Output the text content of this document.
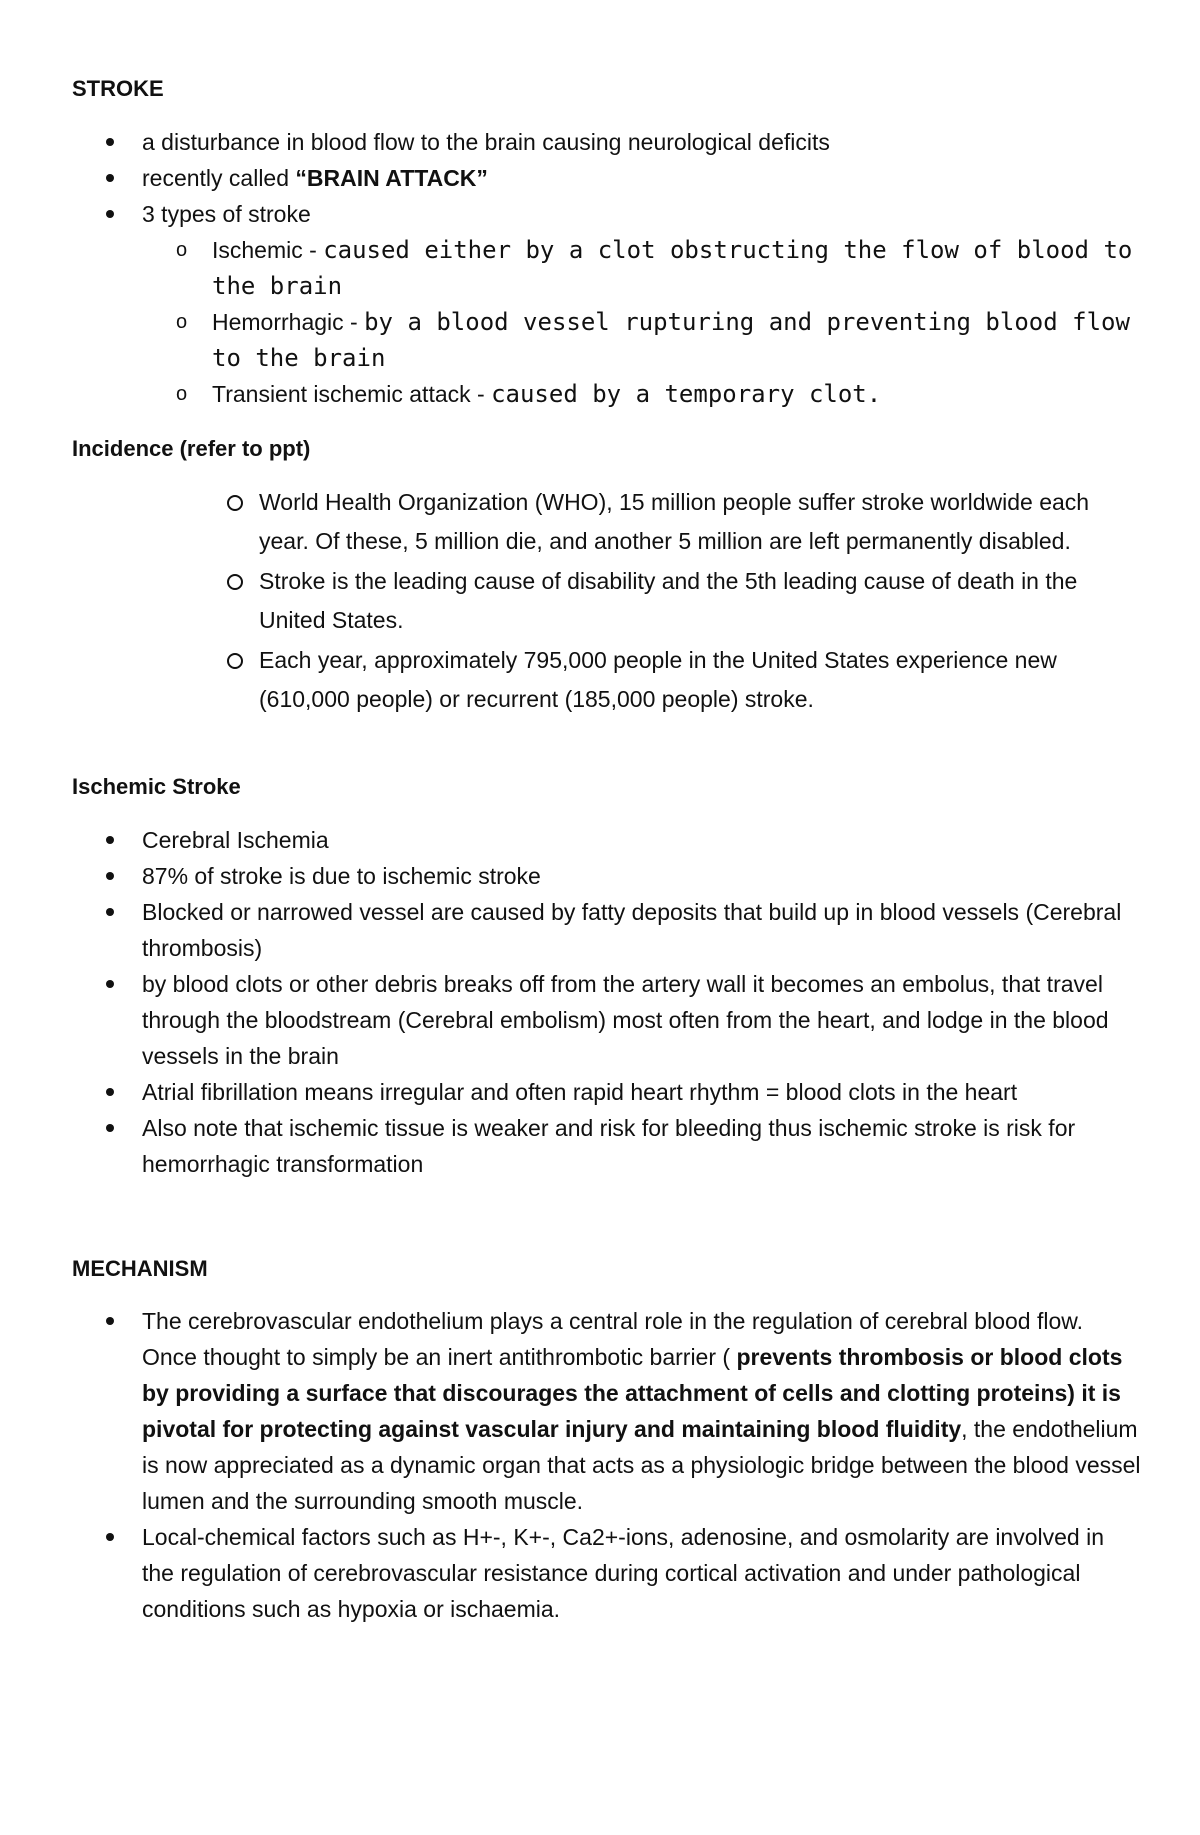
STROKE
a disturbance in blood flow to the brain causing neurological deficits
recently called “BRAIN ATTACK”
3 types of stroke
o Ischemic - caused either by a clot obstructing the flow of blood to the brain
o Hemorrhagic - by a blood vessel rupturing and preventing blood flow to the brain
o Transient ischemic attack - caused by a temporary clot.
Incidence (refer to ppt)
World Health Organization (WHO), 15 million people suffer stroke worldwide each year. Of these, 5 million die, and another 5 million are left permanently disabled.
Stroke is the leading cause of disability and the 5th leading cause of death in the United States.
Each year, approximately 795,000 people in the United States experience new (610,000 people) or recurrent (185,000 people) stroke.
Ischemic Stroke
Cerebral Ischemia
87% of stroke is due to ischemic stroke
Blocked or narrowed vessel are caused by fatty deposits that build up in blood vessels (Cerebral thrombosis)
by blood clots or other debris breaks off from the artery wall it becomes an embolus, that travel through the bloodstream (Cerebral embolism) most often from the heart, and lodge in the blood vessels in the brain
Atrial fibrillation means irregular and often rapid heart rhythm = blood clots in the heart
Also note that ischemic tissue is weaker and risk for bleeding thus ischemic stroke is risk for hemorrhagic transformation
MECHANISM
The cerebrovascular endothelium plays a central role in the regulation of cerebral blood flow. Once thought to simply be an inert antithrombotic barrier ( prevents thrombosis or blood clots by providing a surface that discourages the attachment of cells and clotting proteins) it is pivotal for protecting against vascular injury and maintaining blood fluidity, the endothelium is now appreciated as a dynamic organ that acts as a physiologic bridge between the blood vessel lumen and the surrounding smooth muscle.
Local-chemical factors such as H+-, K+-, Ca2+-ions, adenosine, and osmolarity are involved in the regulation of cerebrovascular resistance during cortical activation and under pathological conditions such as hypoxia or ischaemia.
